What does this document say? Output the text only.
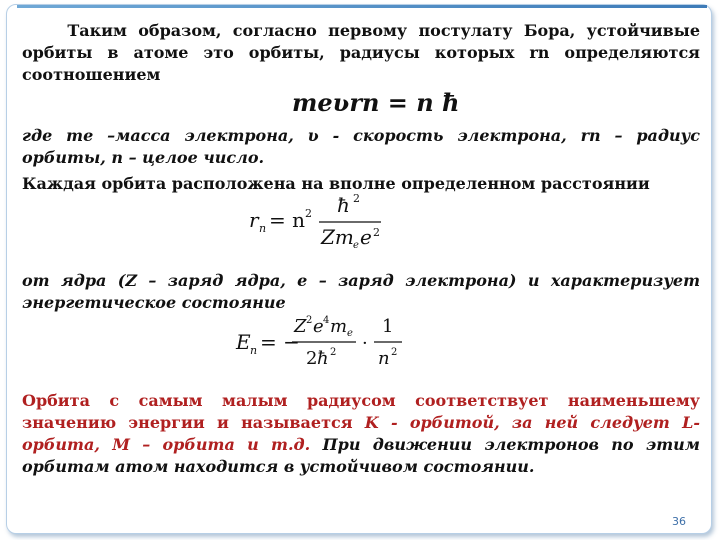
Таким образом, согласно первому постулату Бора, устойчивые орбиты в атоме это орбиты, радиусы которых rn определяются соотношением
meʋrn = n ħ
где me –масса электрона, ʋ - скорость электрона, rn – радиус орбиты, n – целое число.
Каждая орбита расположена на вполне определенном расстоянии
r n = n 2 ħ 2
Zm e e 2
от ядра (Z – заряд ядра, е – заряд электрона) и характеризует энергетическое состояние
E n = −
Z 2 e 4 m e
2 ħ 2 ·
1
n 2
Орбита с самым малым радиусом соответствует наименьшему значению энергии и называется K - орбитой, за ней следует L- орбита, M – орбита и т.д. При движении электронов по этим орбитам атом находится в устойчивом состоянии.
36
